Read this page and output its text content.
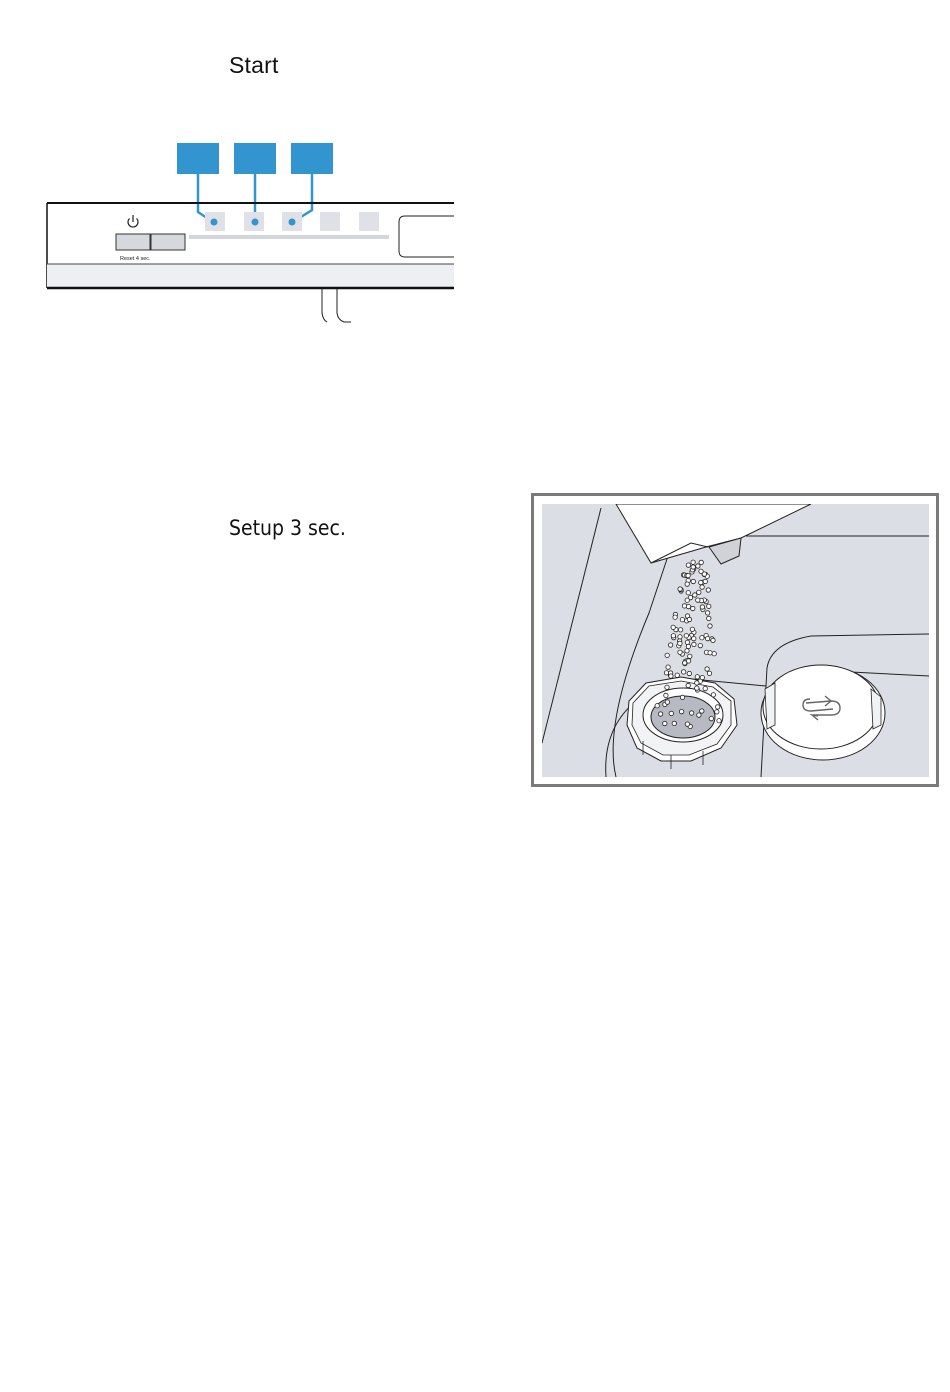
Start
Reset 4 sec.
Setup 3 sec.
